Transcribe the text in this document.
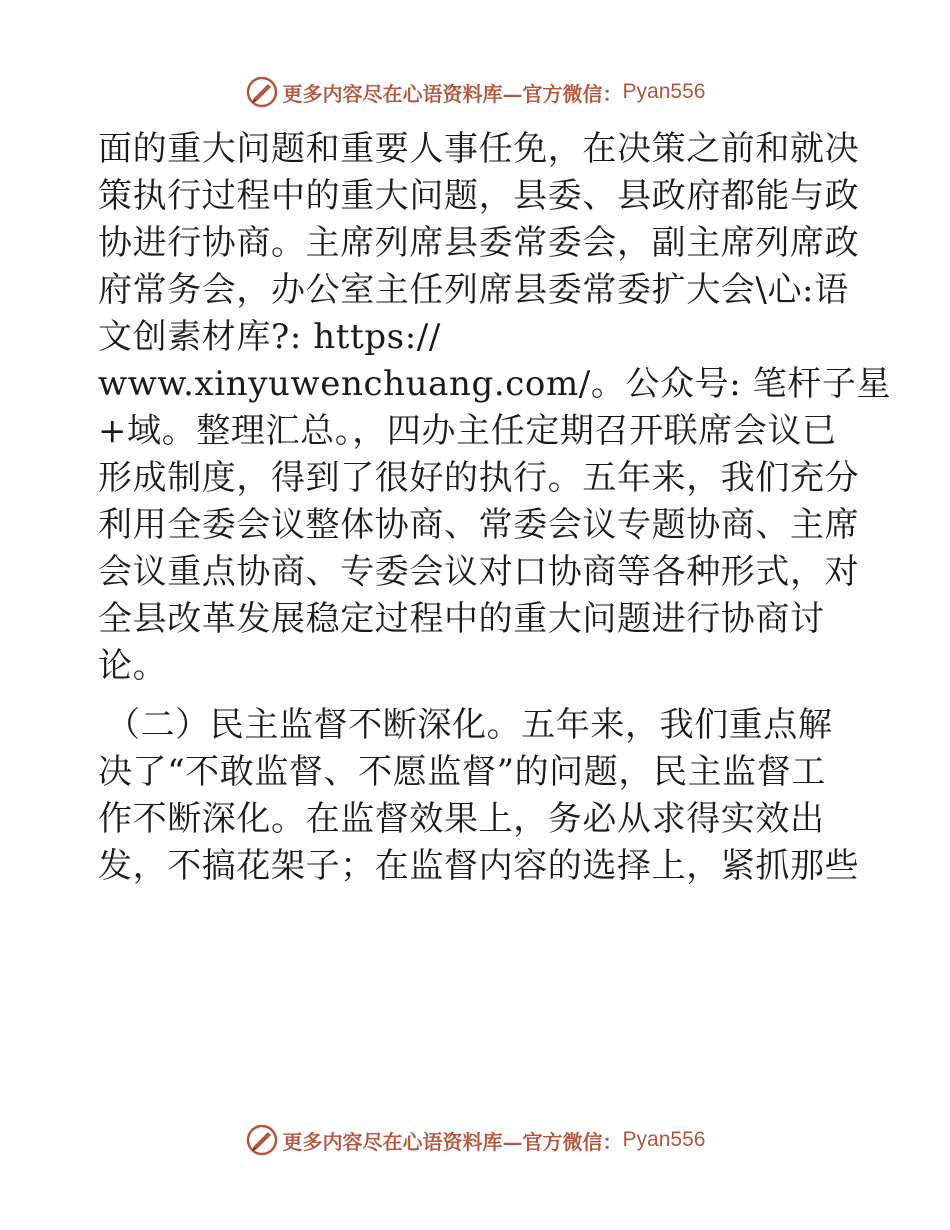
更多内容尽在心语资料库—官方微信： Pyan556
面的重大问题和重要人事任免，在决策之前和就决
策执行过程中的重大问题，县委、县政府都能与政
协进行协商。主席列席县委常委会，副主席列席政
府常务会，办公室主任列席县委常委扩大会\心:语
文创素材库?: https://
www.xinyuwenchuang.com/。公众号: 笔杆子星
+域。整理汇总。，四办主任定期召开联席会议已
形成制度，得到了很好的执行。五年来，我们充分
利用全委会议整体协商、常委会议专题协商、主席
会议重点协商、专委会议对口协商等各种形式，对
全县改革发展稳定过程中的重大问题进行协商讨
论。
（二）民主监督不断深化。五年来，我们重点解
决了“不敢监督、不愿监督”的问题，民主监督工
作不断深化。在监督效果上，务必从求得实效出
发，不搞花架子；在监督内容的选择上，紧抓那些
更多内容尽在心语资料库—官方微信： Pyan556
